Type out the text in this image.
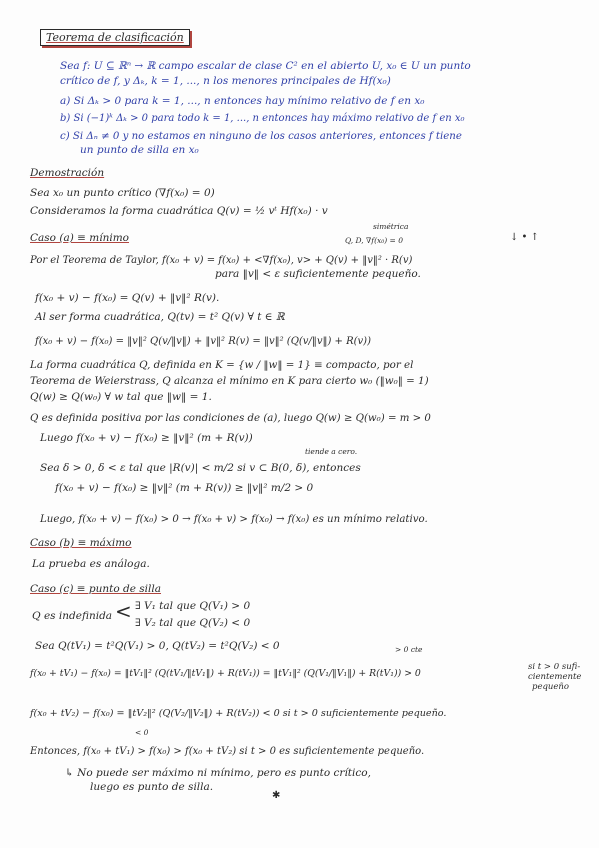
Teorema de clasificación
Sea f: U ⊆ ℝⁿ → ℝ campo escalar de clase C² en el abierto U, x₀ ∈ U un punto
crítico de f, y Δₖ, k = 1, ..., n los menores principales de Hf(x₀)
a) Si Δₖ > 0 para k = 1, ..., n entonces hay mínimo relativo de f en x₀
b) Si (−1)ᵏ Δₖ > 0 para todo k = 1, ..., n entonces hay máximo relativo de f en x₀
c) Si Δₙ ≠ 0 y no estamos en ninguno de los casos anteriores, entonces f tiene
un punto de silla en x₀
Demostración
Sea x₀ un punto crítico (∇f(x₀) = 0)
Consideramos la forma cuadrática Q(v) = ½ vᵗ Hf(x₀) · v
simétrica
Q, D, ∇f(x₀) = 0	↓ • ↑
Caso (a) ≡ mínimo
Por el Teorema de Taylor, f(x₀ + v) = f(x₀) + <∇f(x₀), v> + Q(v) + ‖v‖² · R(v)
para ‖v‖ < ε suficientemente pequeño.
f(x₀ + v) − f(x₀) = Q(v) + ‖v‖² R(v).
Al ser forma cuadrática, Q(tv) = t² Q(v) ∀ t ∈ ℝ
f(x₀ + v) − f(x₀) = ‖v‖² Q(v/‖v‖) + ‖v‖² R(v) = ‖v‖² (Q(v/‖v‖) + R(v))
La forma cuadrática Q, definida en K = {w / ‖w‖ = 1} ≡ compacto, por el
Teorema de Weierstrass, Q alcanza el mínimo en K para cierto w₀ (‖w₀‖ = 1)
Q(w) ≥ Q(w₀) ∀ w tal que ‖w‖ = 1.
Q es definida positiva por las condiciones de (a), luego Q(w) ≥ Q(w₀) = m > 0
Luego f(x₀ + v) − f(x₀) ≥ ‖v‖² (m + R(v))
tiende a cero.
Sea δ > 0, δ < ε tal que |R(v)| < m/2 si v ⊂ B(0, δ), entonces
f(x₀ + v) − f(x₀) ≥ ‖v‖² (m + R(v)) ≥ ‖v‖² m/2 > 0
Luego, f(x₀ + v) − f(x₀) > 0 → f(x₀ + v) > f(x₀) → f(x₀) es un mínimo relativo.
Caso (b) ≡ máximo
La prueba es análoga.
Caso (c) ≡ punto de silla
Q es indefinida < ∃ V₁ tal que Q(V₁) > 0
∃ V₂ tal que Q(V₂) < 0
Sea Q(tV₁) = t²Q(V₁) > 0, Q(tV₂) = t²Q(V₂) < 0	> 0 cte
f(x₀ + tV₁) − f(x₀) = ‖tV₁‖² (Q(tV₁/‖tV₁‖) + R(tV₁)) = ‖tV₁‖² (Q(V₁/‖V₁‖) + R(tV₁)) > 0
si t > 0 sufi-
cientemente
pequeño
f(x₀ + tV₂) − f(x₀) = ‖tV₂‖² (Q(V₂/‖V₂‖) + R(tV₂)) < 0 si t > 0 suficientemente pequeño.
< 0
Entonces, f(x₀ + tV₁) > f(x₀) > f(x₀ + tV₂) si t > 0 es suficientemente pequeño.
↳ No puede ser máximo ni mínimo, pero es punto crítico,
luego es punto de silla.
✱
